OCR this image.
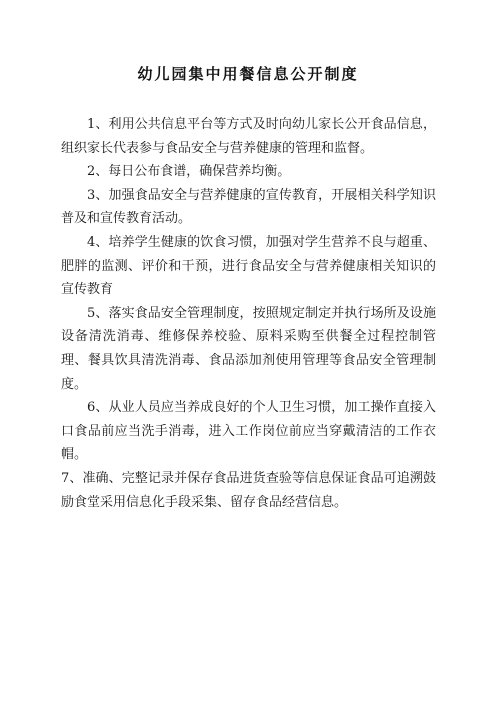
幼儿园集中用餐信息公开制度

1、利用公共信息平台等方式及时向幼儿家长公开食品信息，组织家长代表参与食品安全与营养健康的管理和监督。

2、每日公布食谱，确保营养均衡。

3、加强食品安全与营养健康的宣传教育，开展相关科学知识普及和宣传教育活动。

4、培养学生健康的饮食习惯，加强对学生营养不良与超重、肥胖的监测、评价和干预，进行食品安全与营养健康相关知识的宣传教育

5、落实食品安全管理制度，按照规定制定并执行场所及设施设备清洗消毒、维修保养校验、原料采购至供餐全过程控制管理、餐具饮具清洗消毒、食品添加剂使用管理等食品安全管理制度。

6、从业人员应当养成良好的个人卫生习惯，加工操作直接入口食品前应当洗手消毒，进入工作岗位前应当穿戴清洁的工作衣帽。

7、准确、完整记录并保存食品进货查验等信息保证食品可追溯鼓励食堂采用信息化手段采集、留存食品经营信息。
